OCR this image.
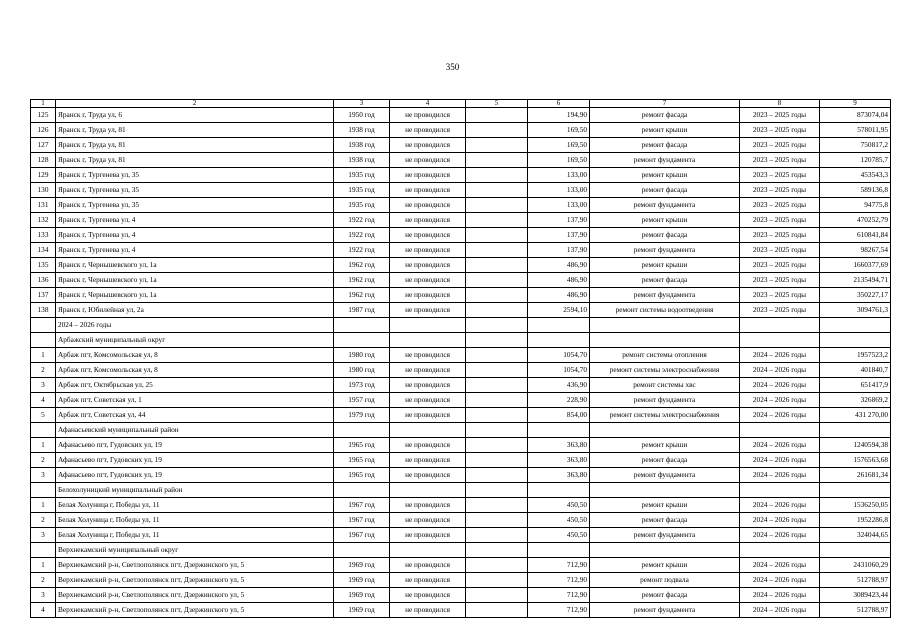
350
1	2	3	4	5	6	7	8	9
125	Яранск г, Труда ул, 6	1950 год	не проводился		194,90	ремонт фасада	2023 – 2025 годы	873074,04
126	Яранск г, Труда ул, 81	1938 год	не проводился		169,50	ремонт крыши	2023 – 2025 годы	578011,95
127	Яранск г, Труда ул, 81	1938 год	не проводился		169,50	ремонт фасада	2023 – 2025 годы	750817,2
128	Яранск г, Труда ул, 81	1938 год	не проводился		169,50	ремонт фундамента	2023 – 2025 годы	120785,7
129	Яранск г, Тургенева ул, 35	1935 год	не проводился		133,00	ремонт крыши	2023 – 2025 годы	453543,3
130	Яранск г, Тургенева ул, 35	1935 год	не проводился		133,00	ремонт фасада	2023 – 2025 годы	589136,8
131	Яранск г, Тургенева ул, 35	1935 год	не проводился		133,00	ремонт фундамента	2023 – 2025 годы	94775,8
132	Яранск г, Тургенева ул, 4	1922 год	не проводился		137,90	ремонт крыши	2023 – 2025 годы	470252,79
133	Яранск г, Тургенева ул, 4	1922 год	не проводился		137,90	ремонт фасада	2023 – 2025 годы	610841,84
134	Яранск г, Тургенева ул, 4	1922 год	не проводился		137,90	ремонт фундамента	2023 – 2025 годы	98267,54
135	Яранск г, Чернышевского ул, 1а	1962 год	не проводился		486,90	ремонт крыши	2023 – 2025 годы	1660377,69
136	Яранск г, Чернышевского ул, 1а	1962 год	не проводился		486,90	ремонт фасада	2023 – 2025 годы	2135494,71
137	Яранск г, Чернышевского ул, 1а	1962 год	не проводился		486,90	ремонт фундамента	2023 – 2025 годы	350227,17
138	Яранск г, Юбилейная ул, 2а	1987 год	не проводился		2594,10	ремонт системы водоотведения	2023 – 2025 годы	3094761,3
	2024 – 2026 годы							
	Арбажский муниципальный округ							
1	Арбаж пгт, Комсомольская ул, 8	1980 год	не проводился		1054,70	ремонт системы отопления	2024 – 2026 годы	1957523,2
2	Арбаж пгт, Комсомольская ул, 8	1980 год	не проводился		1054,70	ремонт системы электроснабжения	2024 – 2026 годы	401840,7
3	Арбаж пгт, Октябрьская ул, 25	1973 год	не проводился		436,90	ремонт системы хвс	2024 – 2026 годы	651417,9
4	Арбаж пгт, Советская ул, 1	1957 год	не проводился		228,90	ремонт фундамента	2024 – 2026 годы	326869,2
5	Арбаж пгт, Советская ул, 44	1979 год	не проводился		854,00	ремонт системы электроснабжения	2024 – 2026 годы	431 270,00
	Афанасьевский муниципальный район							
1	Афанасьево пгт, Гудовских ул, 19	1965 год	не проводился		363,80	ремонт крыши	2024 – 2026 годы	1240594,38
2	Афанасьево пгт, Гудовских ул, 19	1965 год	не проводился		363,80	ремонт фасада	2024 – 2026 годы	1576563,68
3	Афанасьево пгт, Гудовских ул, 19	1965 год	не проводился		363,80	ремонт фундамента	2024 – 2026 годы	261681,34
	Белохолуницкий муниципальный район							
1	Белая Холуница г, Победы ул, 11	1967 год	не проводился		450,50	ремонт крыши	2024 – 2026 годы	1536250,05
2	Белая Холуница г, Победы ул, 11	1967 год	не проводился		450,50	ремонт фасада	2024 – 2026 годы	1952286,8
3	Белая Холуница г, Победы ул, 11	1967 год	не проводился		450,50	ремонт фундамента	2024 – 2026 годы	324044,65
	Верхнекамский муниципальный округ							
1	Верхнекамский р-н, Светлополянск пгт, Дзержинского ул, 5	1969 год	не проводился		712,90	ремонт крыши	2024 – 2026 годы	2431060,29
2	Верхнекамский р-н, Светлополянск пгт, Дзержинского ул, 5	1969 год	не проводился		712,90	ремонт подвала	2024 – 2026 годы	512788,97
3	Верхнекамский р-н, Светлополянск пгт, Дзержинского ул, 5	1969 год	не проводился		712,90	ремонт фасада	2024 – 2026 годы	3089423,44
4	Верхнекамский р-н, Светлополянск пгт, Дзержинского ул, 5	1969 год	не проводился		712,90	ремонт фундамента	2024 – 2026 годы	512788,97
